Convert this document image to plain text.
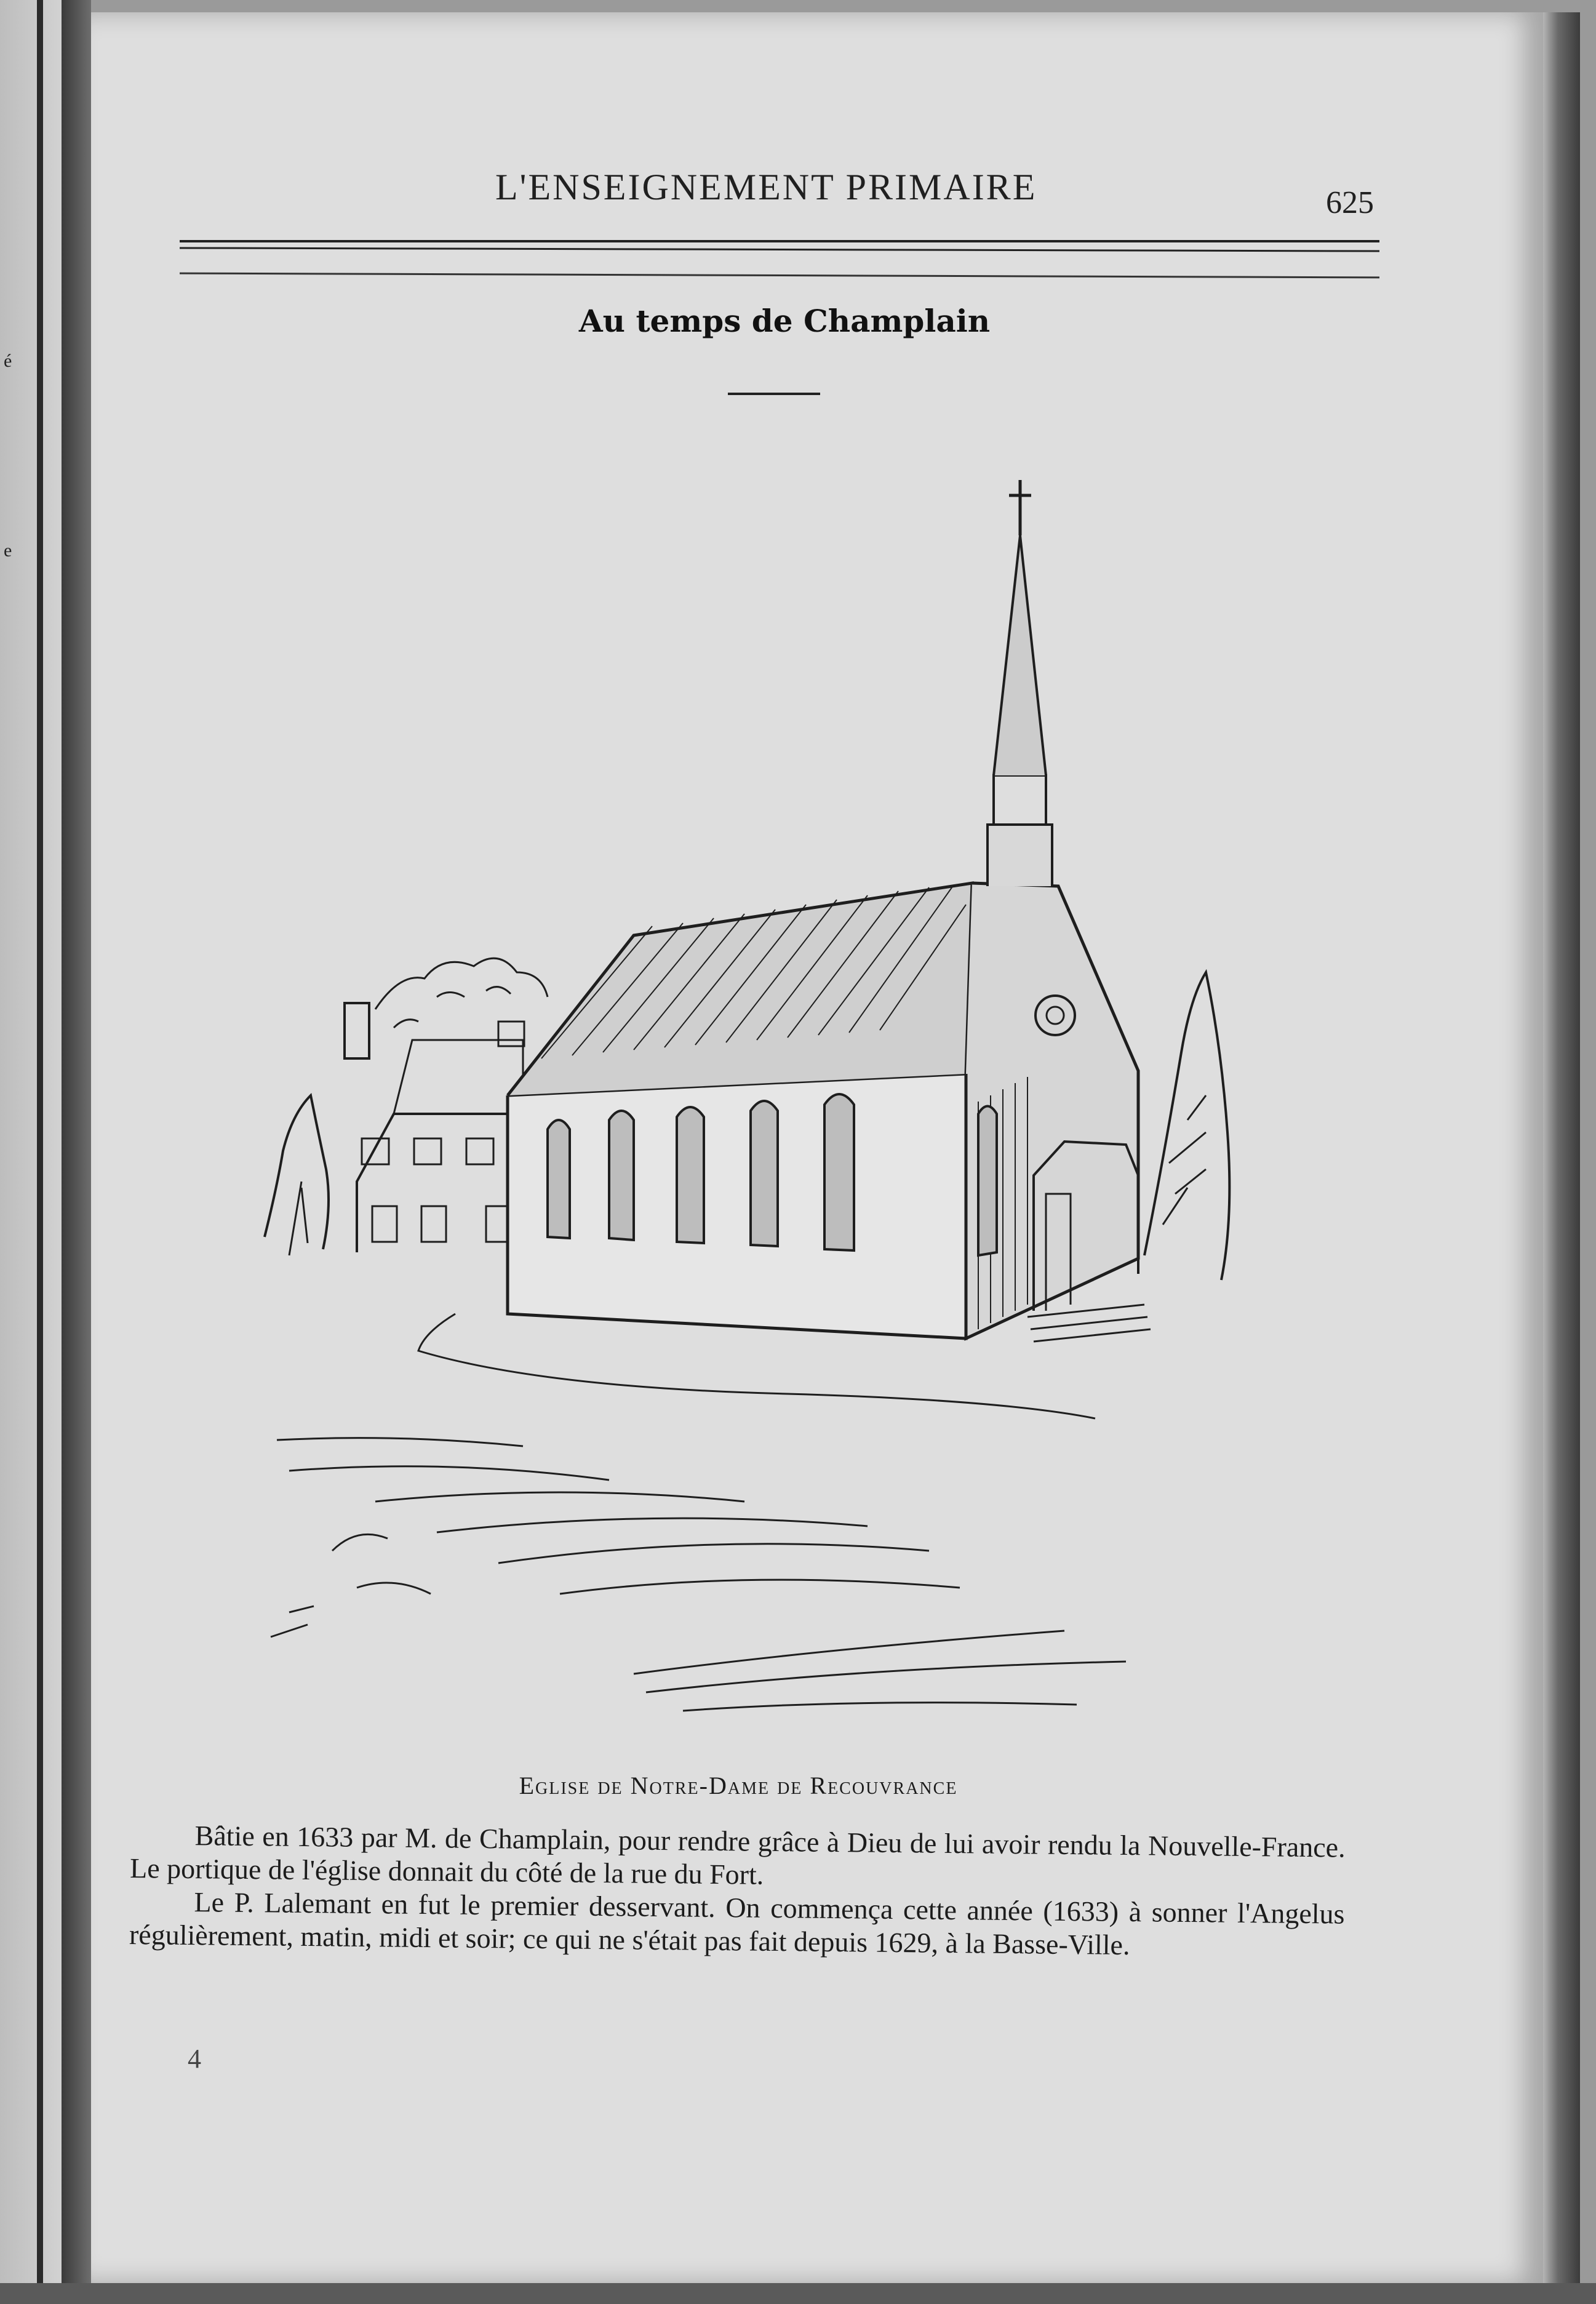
é
e
L'ENSEIGNEMENT PRIMAIRE	625
Au temps de Champlain
Eglise de Notre-Dame de Recouvrance

Bâtie en 1633 par M. de Champlain, pour rendre grâce à Dieu de lui avoir rendu la Nouvelle-France. Le portique de l'église donnait du côté de la rue du Fort.

Le P. Lalemant en fut le premier desservant. On commença cette année (1633) à sonner l'Angelus régulièrement, matin, midi et soir; ce qui ne s'était pas fait depuis 1629, à la Basse-Ville.

4
